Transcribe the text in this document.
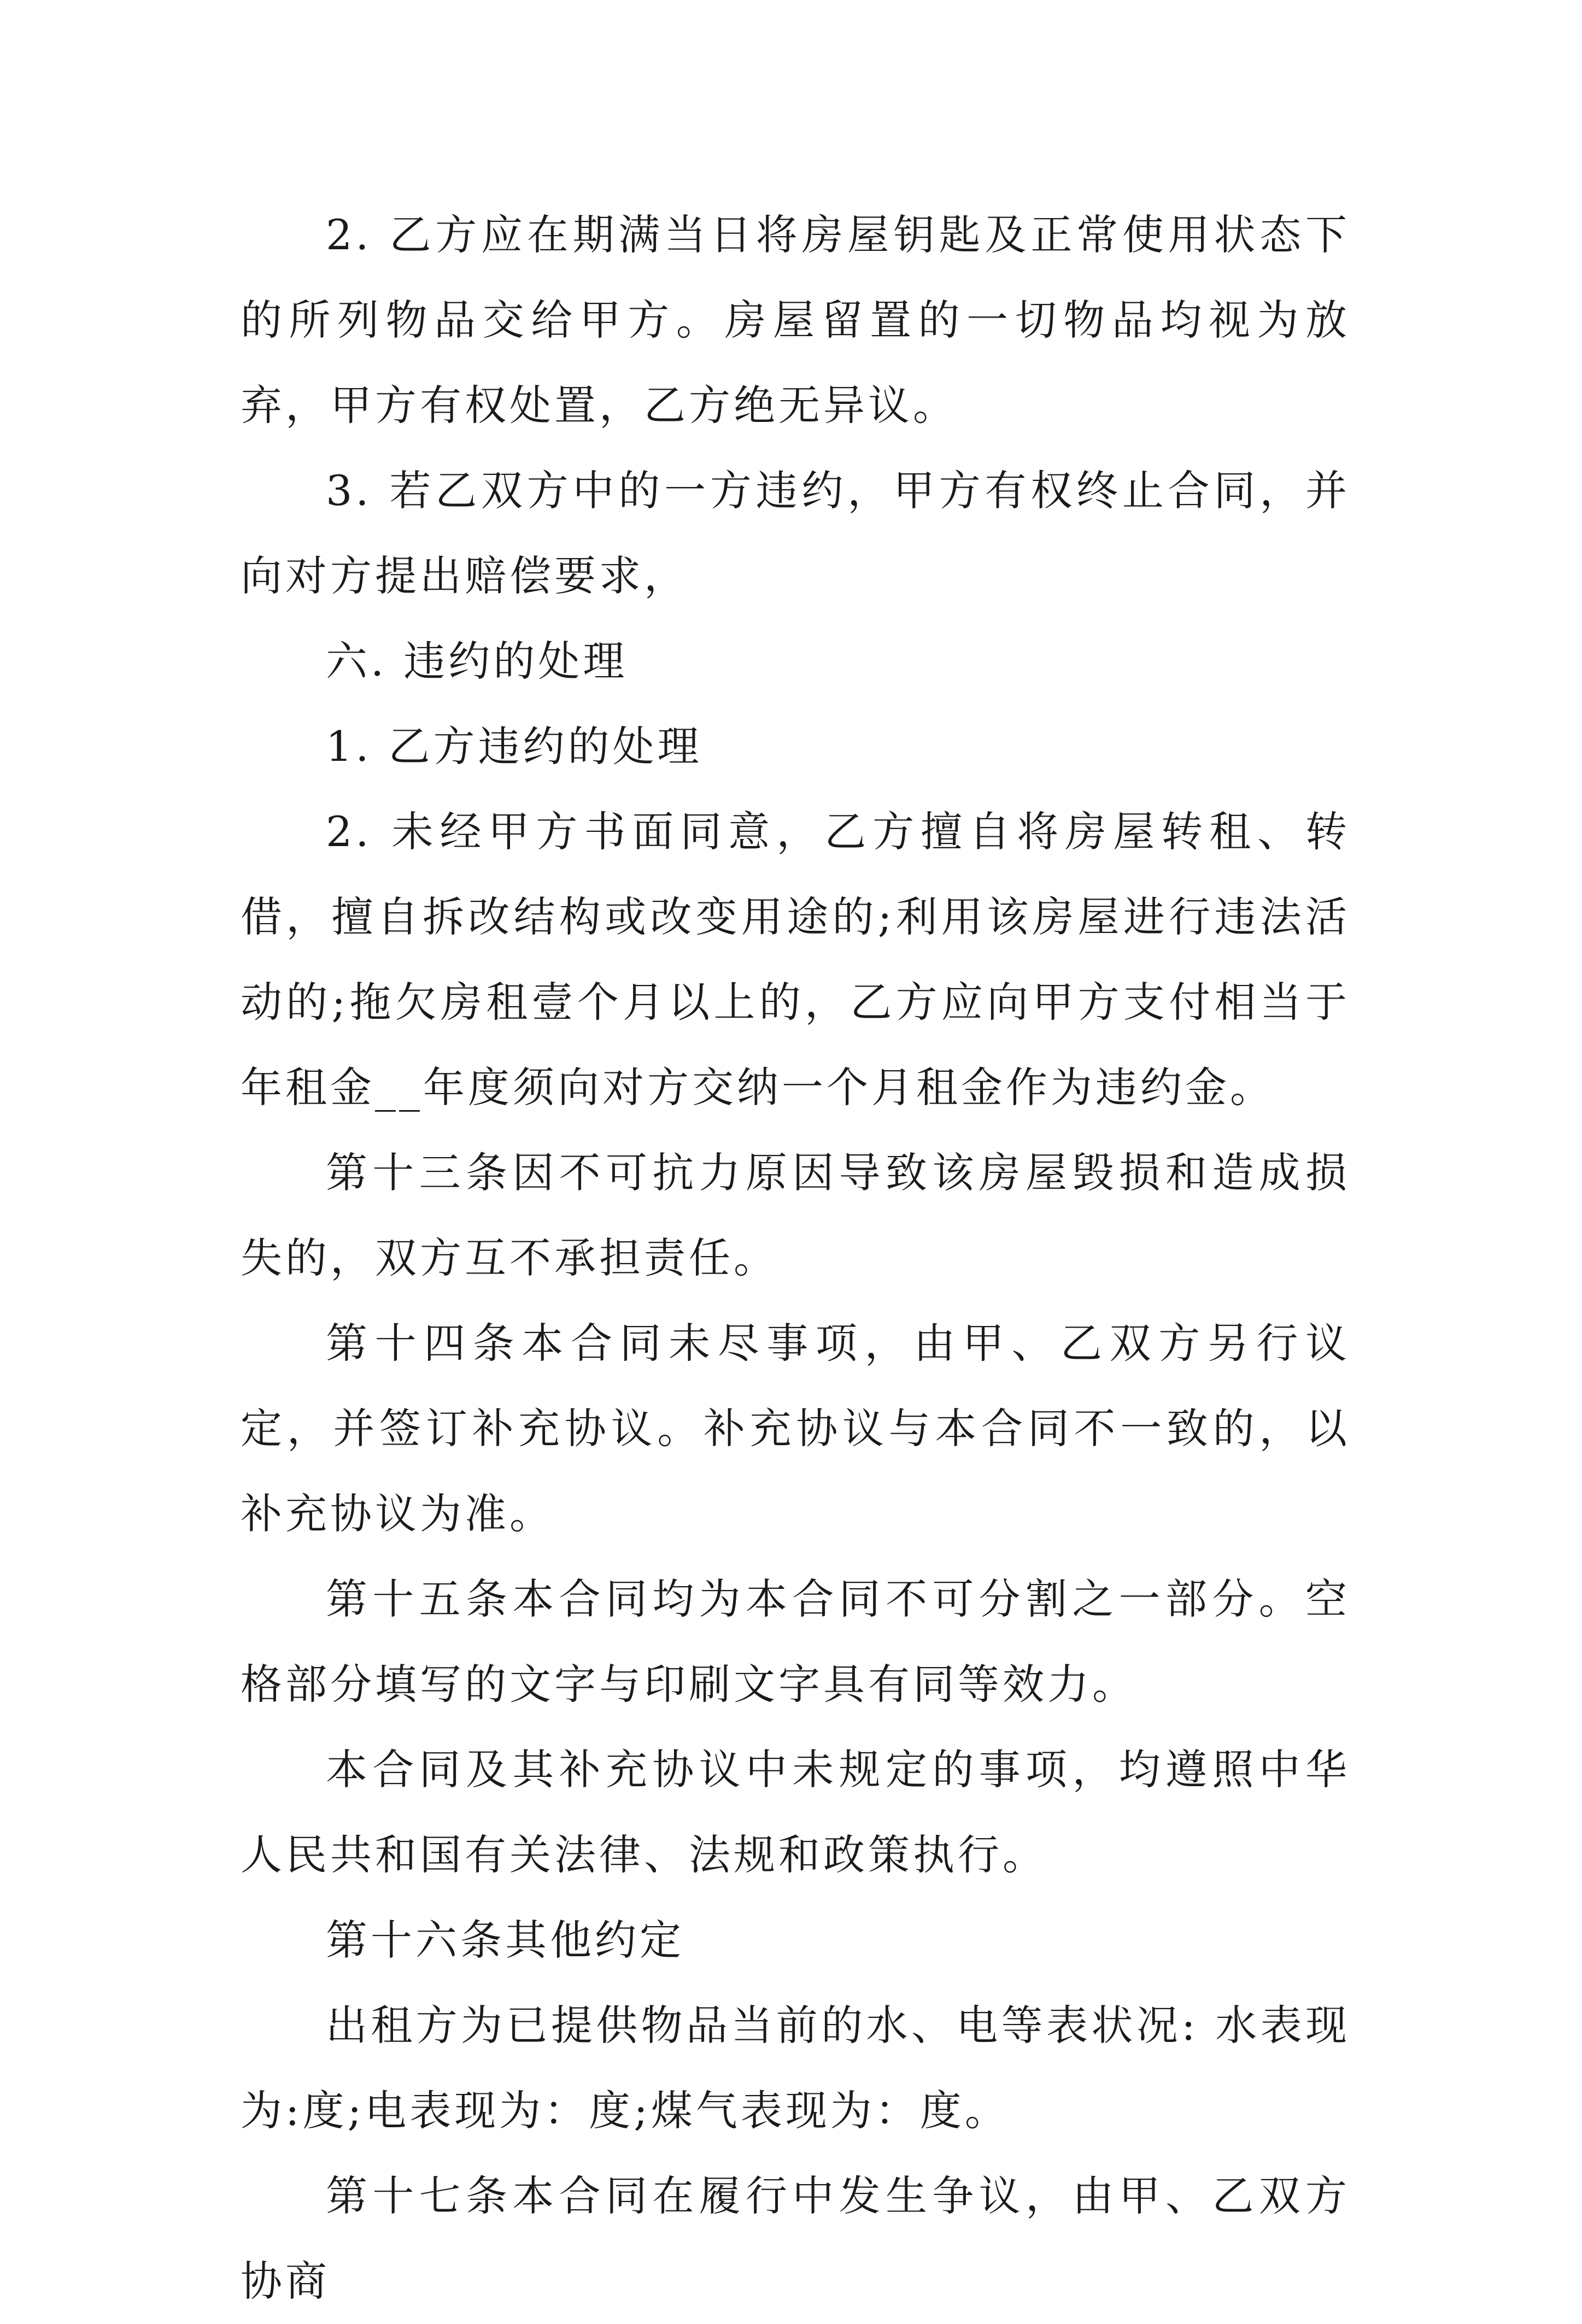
2. 乙方应在期满当日将房屋钥匙及正常使用状态下的所列物品交给甲方。房屋留置的一切物品均视为放弃，甲方有权处置，乙方绝无异议。

3. 若乙双方中的一方违约，甲方有权终止合同，并向对方提出赔偿要求，

六. 违约的处理

1. 乙方违约的处理

2. 未经甲方书面同意，乙方擅自将房屋转租、转借，擅自拆改结构或改变用途的;利用该房屋进行违法活动的;拖欠房租壹个月以上的，乙方应向甲方支付相当于年租金__年度须向对方交纳一个月租金作为违约金。

第十三条因不可抗力原因导致该房屋毁损和造成损失的，双方互不承担责任。

第十四条本合同未尽事项，由甲、乙双方另行议定，并签订补充协议。补充协议与本合同不一致的，以补充协议为准。

第十五条本合同均为本合同不可分割之一部分。空格部分填写的文字与印刷文字具有同等效力。

本合同及其补充协议中未规定的事项，均遵照中华人民共和国有关法律、法规和政策执行。

第十六条其他约定

出租方为已提供物品当前的水、电等表状况: 水表现为:度;电表现为：度;煤气表现为：度。

第十七条本合同在履行中发生争议，由甲、乙双方协商
